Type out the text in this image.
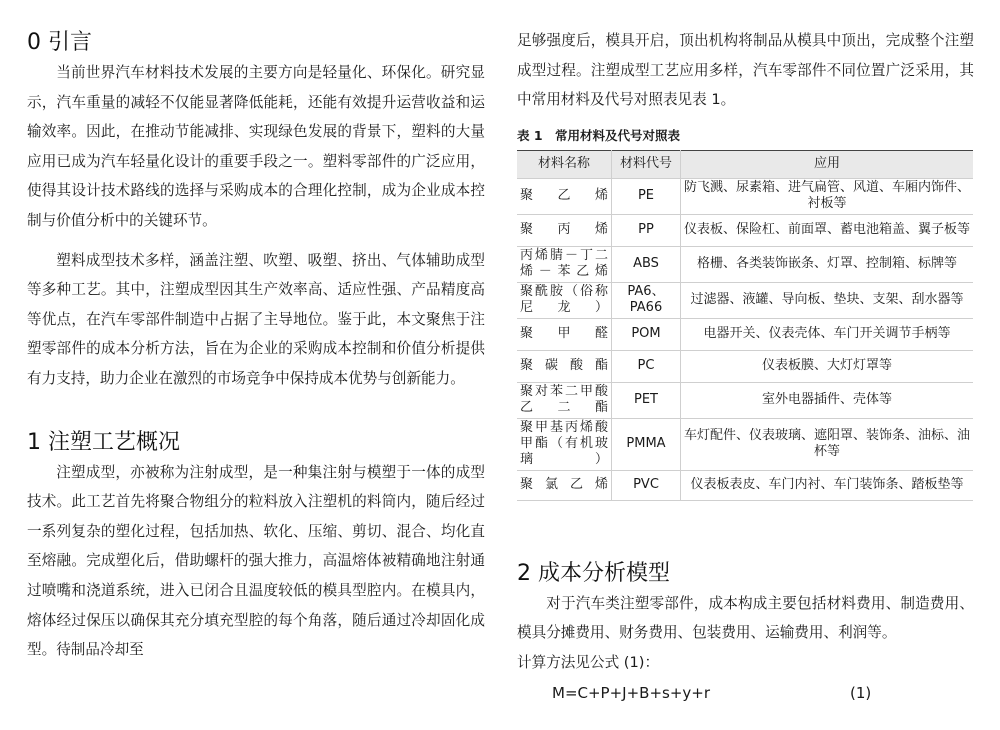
0 引言

当前世界汽车材料技术发展的主要方向是轻量化、环保化。研究显示，汽车重量的减轻不仅能显著降低能耗，还能有效提升运营收益和运输效率。因此，在推动节能减排、实现绿色发展的背景下，塑料的大量应用已成为汽车轻量化设计的重要手段之一。塑料零部件的广泛应用，使得其设计技术路线的选择与采购成本的合理化控制，成为企业成本控制与价值分析中的关键环节。

塑料成型技术多样，涵盖注塑、吹塑、吸塑、挤出、气体辅助成型等多种工艺。其中，注塑成型因其生产效率高、适应性强、产品精度高等优点，在汽车零部件制造中占据了主导地位。鉴于此，本文聚焦于注塑零部件的成本分析方法，旨在为企业的采购成本控制和价值分析提供有力支持，助力企业在激烈的市场竞争中保持成本优势与创新能力。

1 注塑工艺概况

注塑成型，亦被称为注射成型，是一种集注射与模塑于一体的成型技术。此工艺首先将聚合物组分的粒料放入注塑机的料筒内，随后经过一系列复杂的塑化过程，包括加热、软化、压缩、剪切、混合、均化直至熔融。完成塑化后，借助螺杆的强大推力，高温熔体被精确地注射通过喷嘴和浇道系统，进入已闭合且温度较低的模具型腔内。在模具内，熔体经过保压以确保其充分填充型腔的每个角落，随后通过冷却固化成型。待制品冷却至

足够强度后，模具开启，顶出机构将制品从模具中顶出，完成整个注塑成型过程。注塑成型工艺应用多样，汽车零部件不同位置广泛采用，其中常用材料及代号对照表见表 1。

表 1　常用材料及代号对照表

材料名称	材料代号	应用
聚乙烯	PE	防飞溅、尿素箱、进气扁管、风道、车厢内饰件、衬板等
聚丙烯	PP	仪表板、保险杠、前面罩、蓄电池箱盖、翼子板等
丙烯腈－丁二烯－苯乙烯	ABS	格栅、各类装饰嵌条、灯罩、控制箱、标牌等
聚酰胺（俗称尼龙）	PA6、PA66	过滤器、液罐、导向板、垫块、支架、刮水器等
聚甲醛	POM	电器开关、仪表壳体、车门开关调节手柄等
聚碳酸酯	PC	仪表板膜、大灯灯罩等
聚对苯二甲酸乙二酯	PET	室外电器插件、壳体等
聚甲基丙烯酸甲酯（有机玻璃）	PMMA	车灯配件、仪表玻璃、遮阳罩、装饰条、油标、油杯等
聚氯乙烯	PVC	仪表板表皮、车门内衬、车门装饰条、踏板垫等
2 成本分析模型

对于汽车类注塑零部件，成本构成主要包括材料费用、制造费用、模具分摊费用、财务费用、包装费用、运输费用、利润等。

计算方法见公式 (1)：

M=C+P+J+B+s+y+r	(1)
